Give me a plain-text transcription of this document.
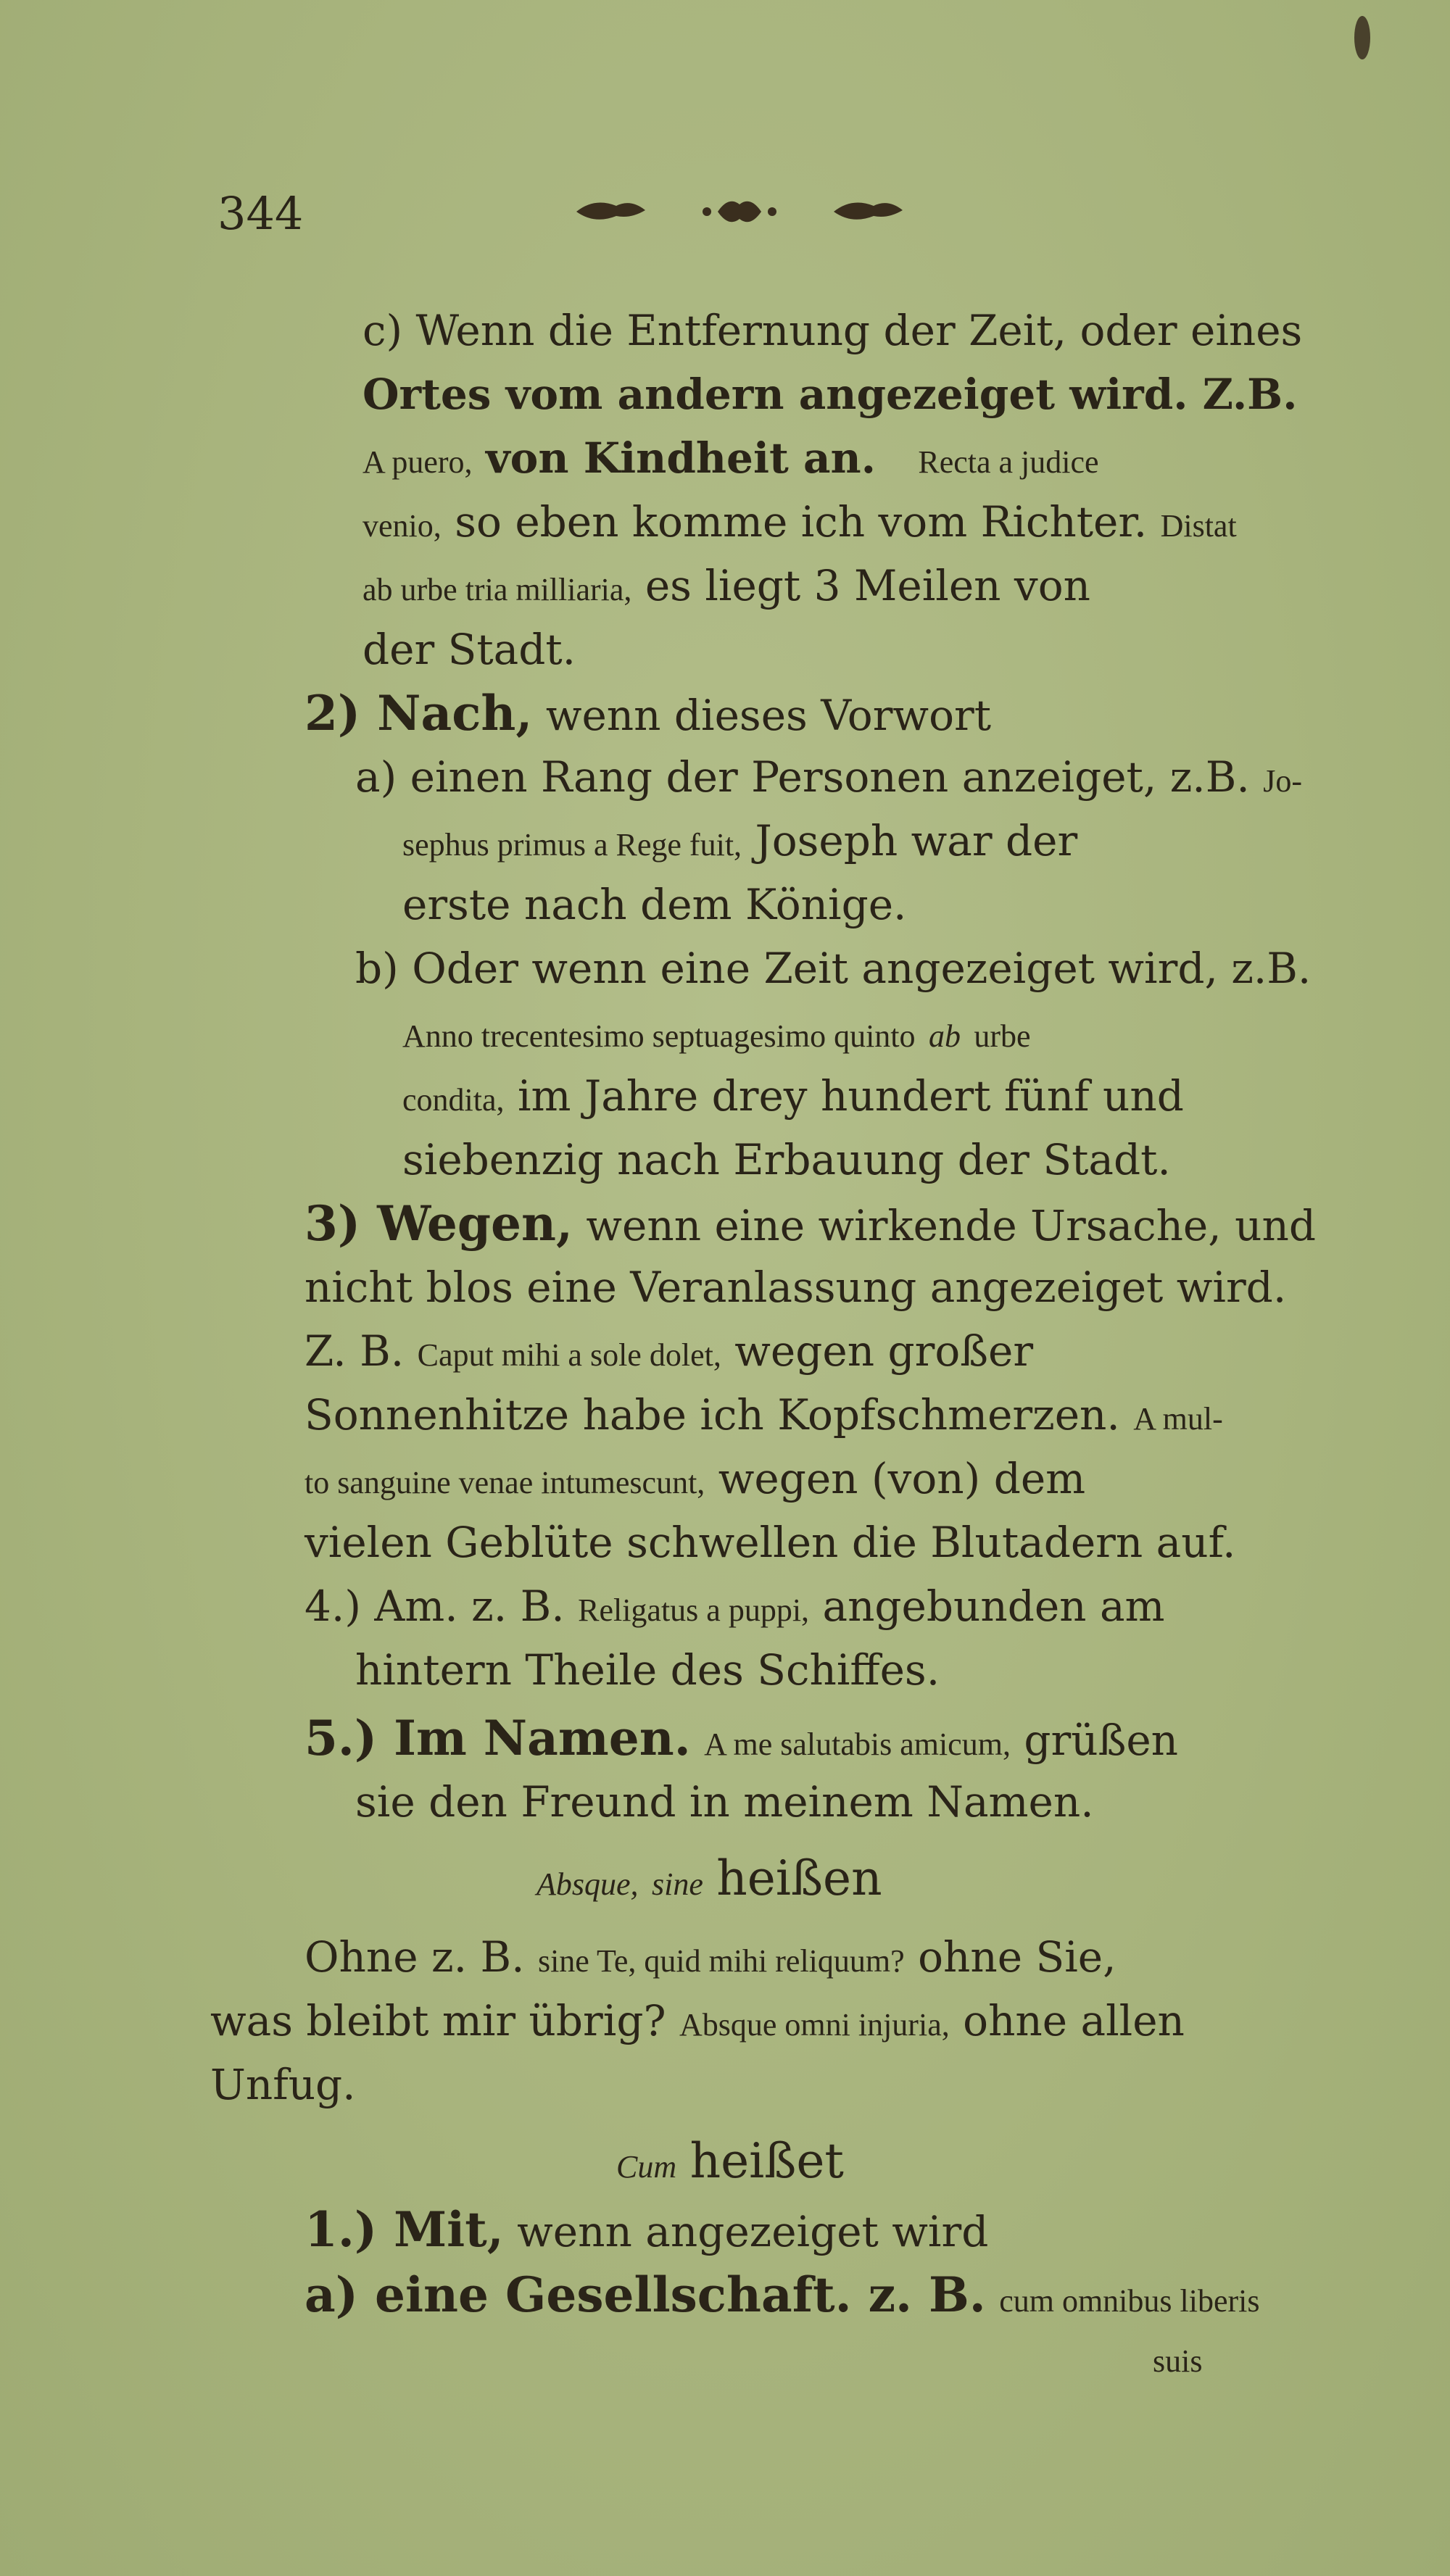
344
c) Wenn die Entfernung der Zeit, oder eines
Ortes vom andern angezeiget wird. Z.B.
A puero, von Kindheit an. Recta a judice
venio, so eben komme ich vom Richter. Distat
ab urbe tria milliaria, es liegt 3 Meilen von
der Stadt.
2) Nach, wenn dieses Vorwort
a) einen Rang der Personen anzeiget, z.B. Jo-
sephus primus a Rege fuit, Joseph war der
erste nach dem Könige.
b) Oder wenn eine Zeit angezeiget wird, z.B.
Anno trecentesimo septuagesimo quinto ab urbe
condita, im Jahre drey hundert fünf und
siebenzig nach Erbauung der Stadt.
3) Wegen, wenn eine wirkende Ursache, und
nicht blos eine Veranlassung angezeiget wird.
Z. B. Caput mihi a sole dolet, wegen großer
Sonnenhitze habe ich Kopfschmerzen. A mul-
to sanguine venae intumescunt, wegen (von) dem
vielen Geblüte schwellen die Blutadern auf.
4.) Am. z. B. Religatus a puppi, angebunden am
hintern Theile des Schiffes.
5.) Im Namen. A me salutabis amicum, grüßen
sie den Freund in meinem Namen.
Absque, sine heißen
Ohne z. B. sine Te, quid mihi reliquum? ohne Sie,
was bleibt mir übrig? Absque omni injuria, ohne allen
Unfug.
Cum heißet
1.) Mit, wenn angezeiget wird
a) eine Gesellschaft. z. B. cum omnibus liberis
suis
